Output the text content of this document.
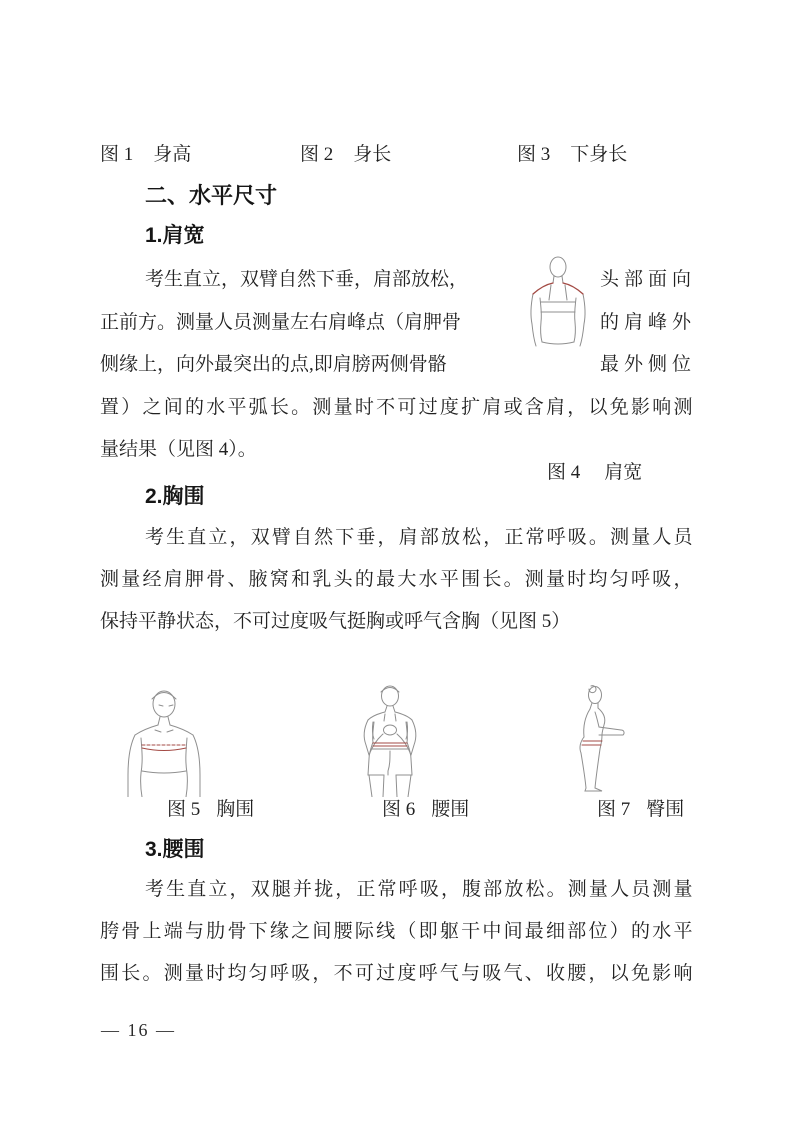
图 1 身高	图 2 身长	图 3 下身长
二、水平尺寸
1.肩宽
考生直立，双臂自然下垂，肩部放松，	头部面向
正前方。测量人员测量左右肩峰点（肩胛骨	的肩峰外
侧缘上，向外最突出的点,即肩膀两侧骨骼	最外侧位
置）之间的水平弧长。测量时不可过度扩肩或含肩，以免影响测
量结果（见图 4）。
图 4 肩宽
2.胸围
考生直立，双臂自然下垂，肩部放松，正常呼吸。测量人员
测量经肩胛骨、腋窝和乳头的最大水平围长。测量时均匀呼吸，
保持平静状态，不可过度吸气挺胸或呼气含胸（见图 5）
图 5 胸围	图 6 腰围	图 7 臀围
3.腰围
考生直立，双腿并拢，正常呼吸，腹部放松。测量人员测量
胯骨上端与肋骨下缘之间腰际线（即躯干中间最细部位）的水平
围长。测量时均匀呼吸，不可过度呼气与吸气、收腰，以免影响
— 16 —
